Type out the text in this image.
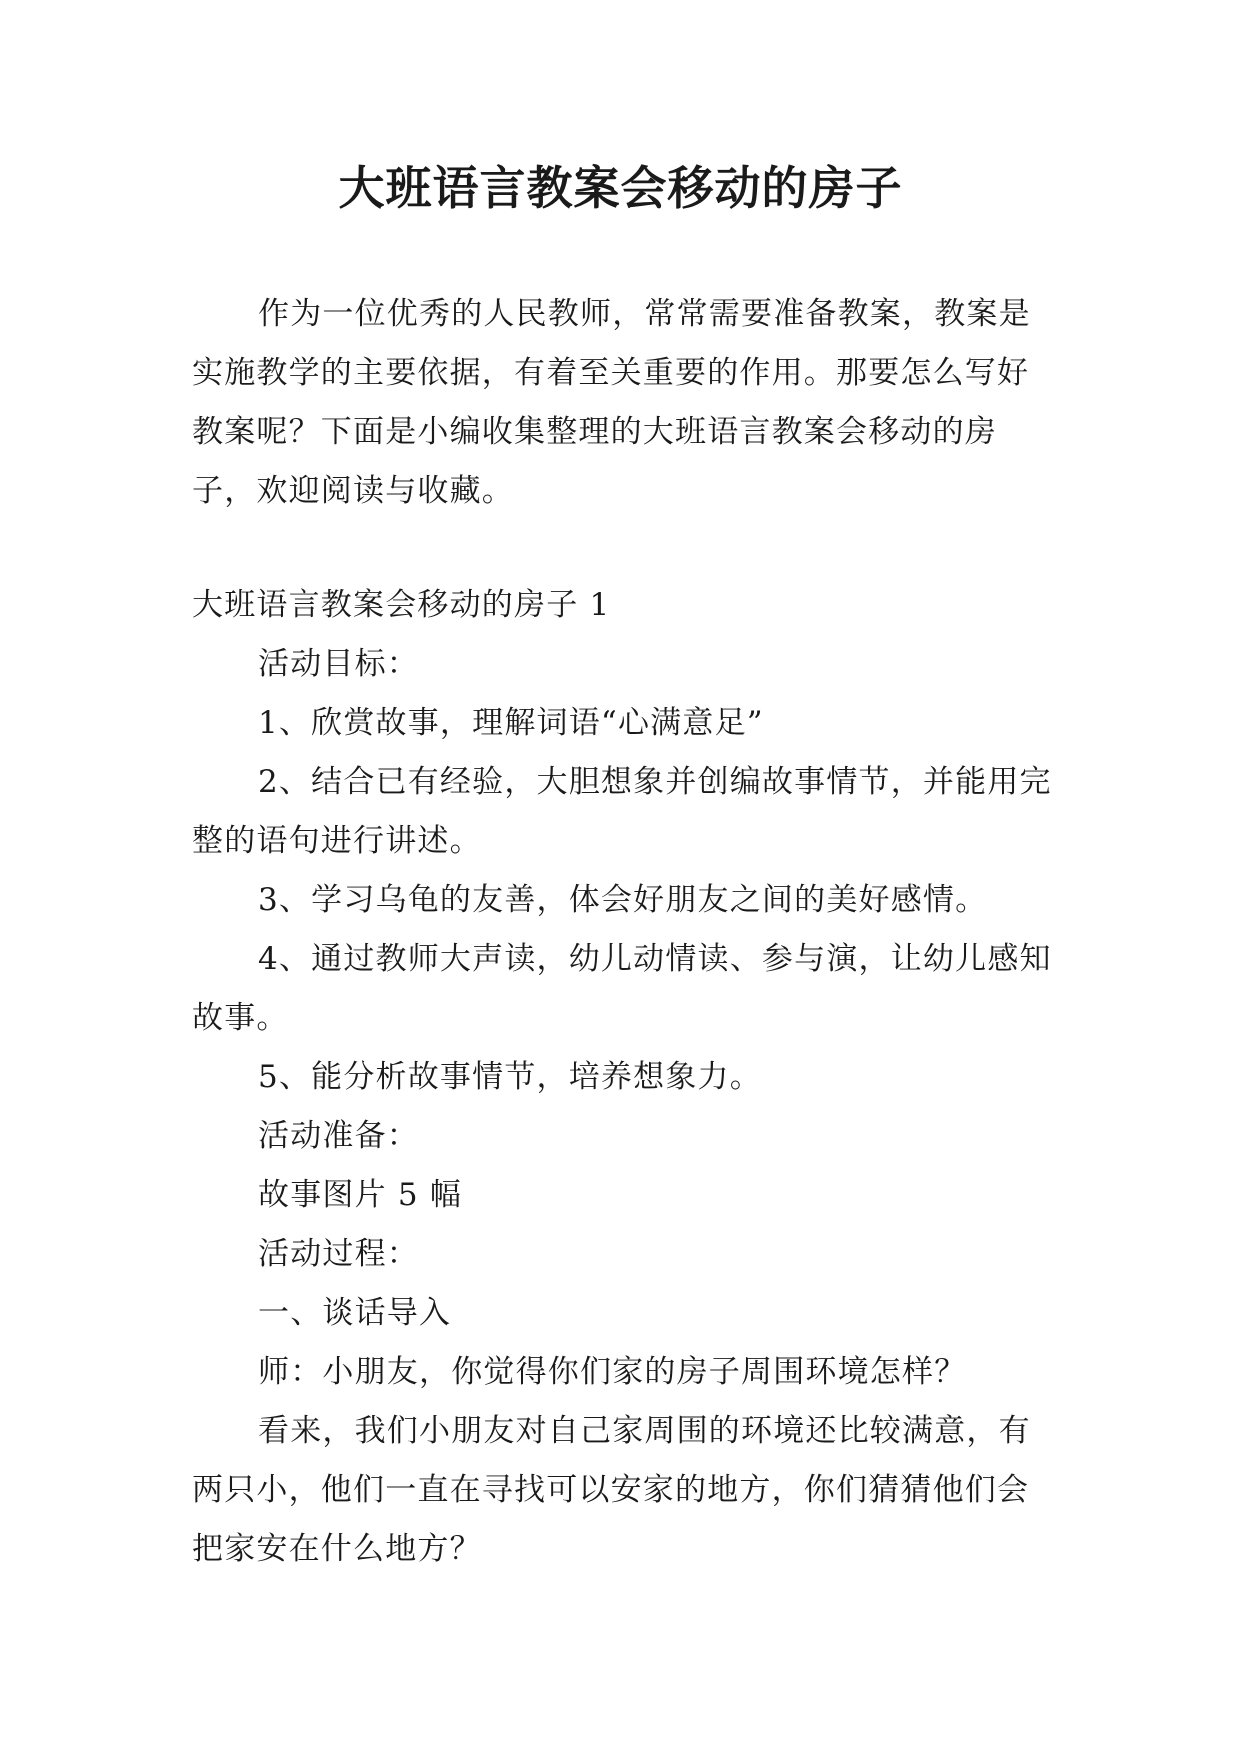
大班语言教案会移动的房子

作为一位优秀的人民教师，常常需要准备教案，教案是实施教学的主要依据，有着至关重要的作用。那要怎么写好教案呢？下面是小编收集整理的大班语言教案会移动的房子，欢迎阅读与收藏。

大班语言教案会移动的房子 1

活动目标：

1、欣赏故事，理解词语“心满意足”

2、结合已有经验，大胆想象并创编故事情节，并能用完整的语句进行讲述。

3、学习乌龟的友善，体会好朋友之间的美好感情。

4、通过教师大声读，幼儿动情读、参与演，让幼儿感知故事。

5、能分析故事情节，培养想象力。

活动准备：

故事图片 5 幅

活动过程：

一、谈话导入

师：小朋友，你觉得你们家的房子周围环境怎样？

看来，我们小朋友对自己家周围的环境还比较满意，有两只小，他们一直在寻找可以安家的地方，你们猜猜他们会把家安在什么地方？
